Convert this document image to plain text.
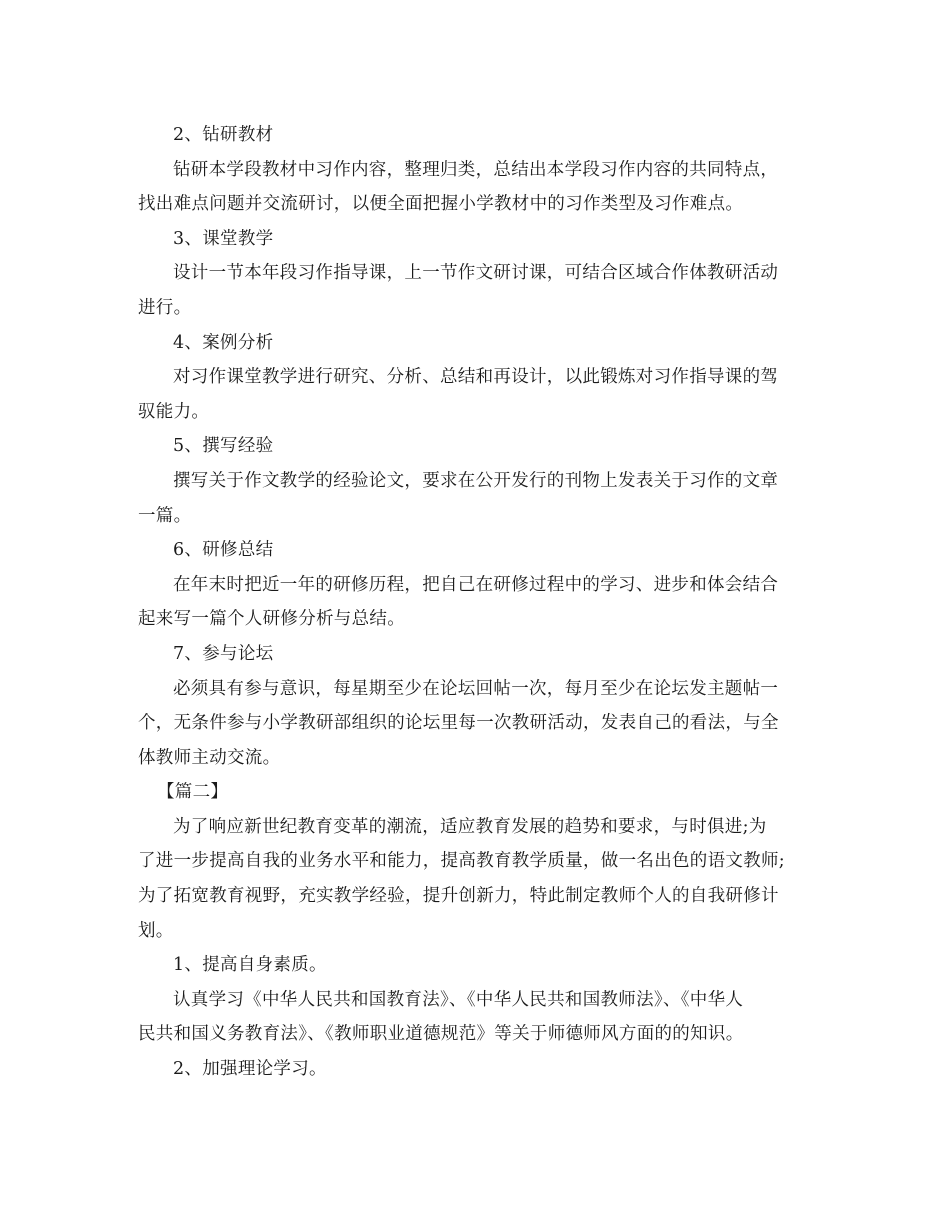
2、钻研教材
钻研本学段教材中习作内容，整理归类，总结出本学段习作内容的共同特点，
找出难点问题并交流研讨，以便全面把握小学教材中的习作类型及习作难点。
3、课堂教学
设计一节本年段习作指导课，上一节作文研讨课，可结合区域合作体教研活动
进行。
4、案例分析
对习作课堂教学进行研究、分析、总结和再设计，以此锻炼对习作指导课的驾
驭能力。
5、撰写经验
撰写关于作文教学的经验论文，要求在公开发行的刊物上发表关于习作的文章
一篇。
6、研修总结
在年末时把近一年的研修历程，把自己在研修过程中的学习、进步和体会结合
起来写一篇个人研修分析与总结。
7、参与论坛
必须具有参与意识，每星期至少在论坛回帖一次，每月至少在论坛发主题帖一
个，无条件参与小学教研部组织的论坛里每一次教研活动，发表自己的看法，与全
体教师主动交流。
【篇二】
为了响应新世纪教育变革的潮流，适应教育发展的趋势和要求，与时俱进;为
了进一步提高自我的业务水平和能力，提高教育教学质量，做一名出色的语文教师;
为了拓宽教育视野，充实教学经验，提升创新力，特此制定教师个人的自我研修计
划。
1、提高自身素质。
认真学习《中华人民共和国教育法》、《中华人民共和国教师法》、《中华人
民共和国义务教育法》、《教师职业道德规范》等关于师德师风方面的的知识。
2、加强理论学习。
